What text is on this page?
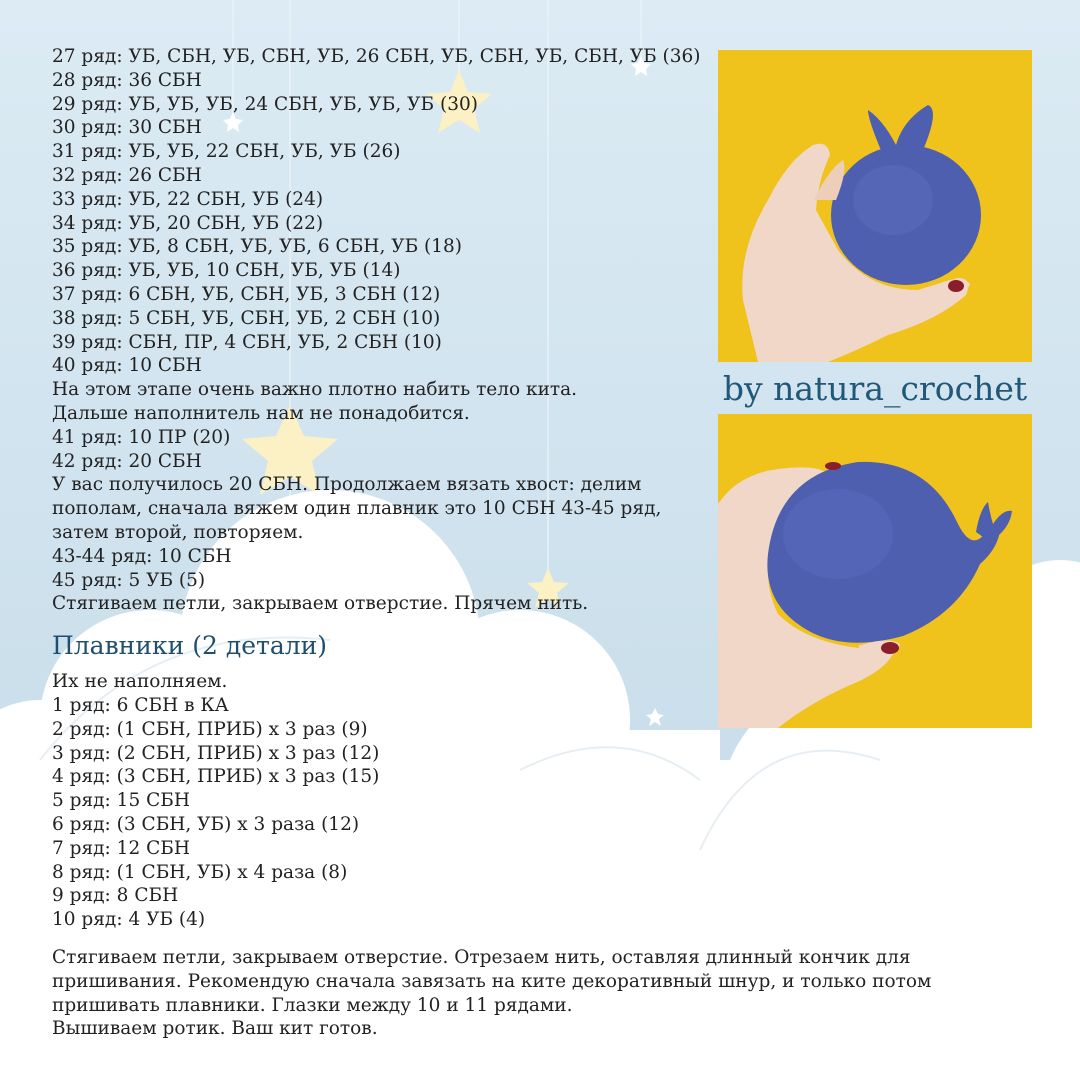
27 ряд: УБ, СБН, УБ, СБН, УБ, 26 СБН, УБ, СБН, УБ, СБН, УБ (36)
28 ряд: 36 СБН
29 ряд: УБ, УБ, УБ, 24 СБН, УБ, УБ, УБ (30)
30 ряд: 30 СБН
31 ряд: УБ, УБ, 22 СБН, УБ, УБ (26)
32 ряд: 26 СБН
33 ряд: УБ, 22 СБН, УБ (24)
34 ряд: УБ, 20 СБН, УБ (22)
35 ряд: УБ, 8 СБН, УБ, УБ, 6 СБН, УБ (18)
36 ряд: УБ, УБ, 10 СБН, УБ, УБ (14)
37 ряд: 6 СБН, УБ, СБН, УБ, 3 СБН (12)
38 ряд: 5 СБН, УБ, СБН, УБ, 2 СБН (10)
39 ряд: СБН, ПР, 4 СБН, УБ, 2 СБН (10)
40 ряд: 10 СБН
На этом этапе очень важно плотно набить тело кита.
Дальше наполнитель нам не понадобится.
41 ряд: 10 ПР (20)
42 ряд: 20 СБН
У вас получилось 20 СБН. Продолжаем вязать хвост: делим
пополам, сначала вяжем один плавник это 10 СБН 43-45 ряд,
затем второй, повторяем.
43-44 ряд: 10 СБН
45 ряд: 5 УБ (5)
Стягиваем петли, закрываем отверстие. Прячем нить.
Плавники (2 детали)
Их не наполняем.
1 ряд: 6 СБН в КА
2 ряд: (1 СБН, ПРИБ) х 3 раз (9)
3 ряд: (2 СБН, ПРИБ) х 3 раз (12)
4 ряд: (3 СБН, ПРИБ) х 3 раз (15)
5 ряд: 15 СБН
6 ряд: (3 СБН, УБ) х 3 раза (12)
7 ряд: 12 СБН
8 ряд: (1 СБН, УБ) х 4 раза (8)
9 ряд: 8 СБН
10 ряд: 4 УБ (4)
Стягиваем петли, закрываем отверстие. Отрезаем нить, оставляя длинный кончик для
пришивания. Рекомендую сначала завязать на ките декоративный шнур, и только потом
пришивать плавники. Глазки между 10 и 11 рядами.
Вышиваем ротик. Ваш кит готов.
by natura_crochet
